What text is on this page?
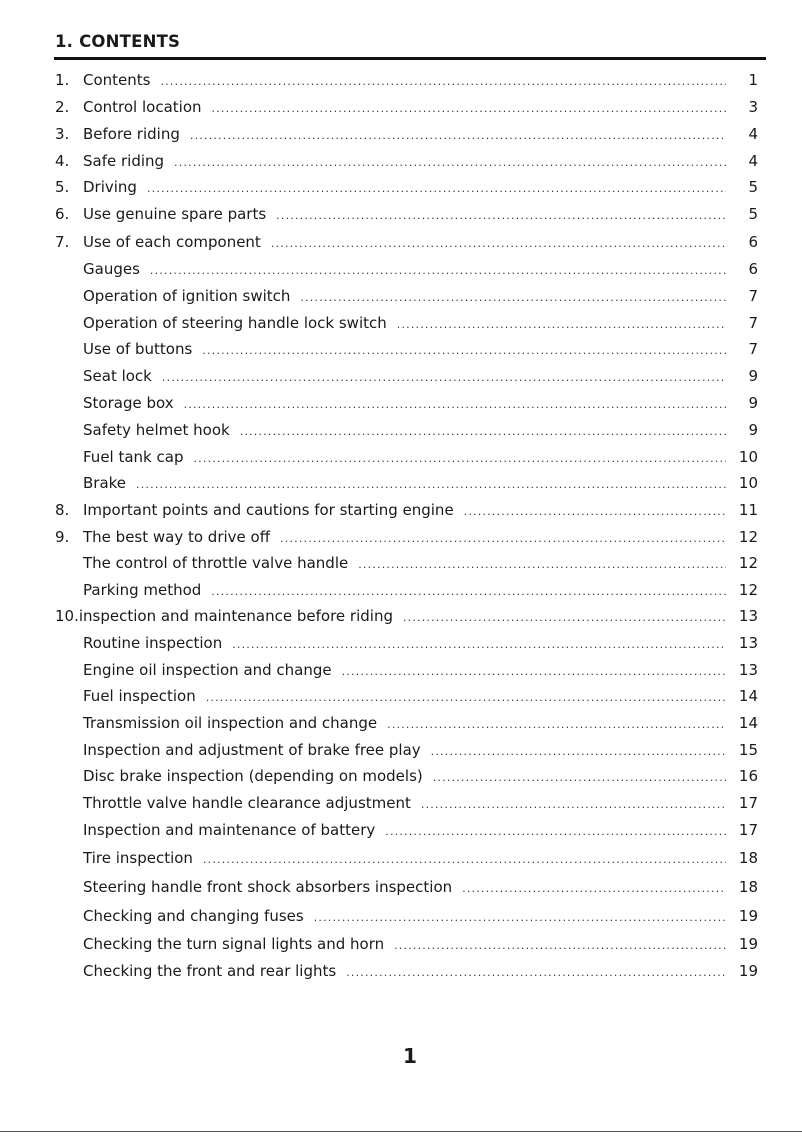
1. CONTENTS
1. Contents .....	1
2. Control location .....	3
3. Before riding .....	4
4. Safe riding .....	4
5. Driving .....	5
6. Use genuine spare parts .....	5
7. Use of each component .....	6
Gauges .....	6
Operation of ignition switch .....	7
Operation of steering handle lock switch .....	7
Use of buttons .....	7
Seat lock .....	9
Storage box .....	9
Safety helmet hook .....	9
Fuel tank cap .....	10
Brake .....	10
8. Important points and cautions for starting engine .....	11
9. The best way to drive off .....	12
The control of throttle valve handle .....	12
Parking method .....	12
10. inspection and maintenance before riding .....	13
Routine inspection .....	13
Engine oil inspection and change .....	13
Fuel inspection .....	14
Transmission oil inspection and change .....	14
Inspection and adjustment of brake free play .....	15
Disc brake inspection (depending on models) .....	16
Throttle valve handle clearance adjustment .....	17
Inspection and maintenance of battery .....	17
Tire inspection .....	18
Steering handle front shock absorbers inspection .....	18
Checking and changing fuses .....	19
Checking the turn signal lights and horn .....	19
Checking the front and rear lights .....	19
1
